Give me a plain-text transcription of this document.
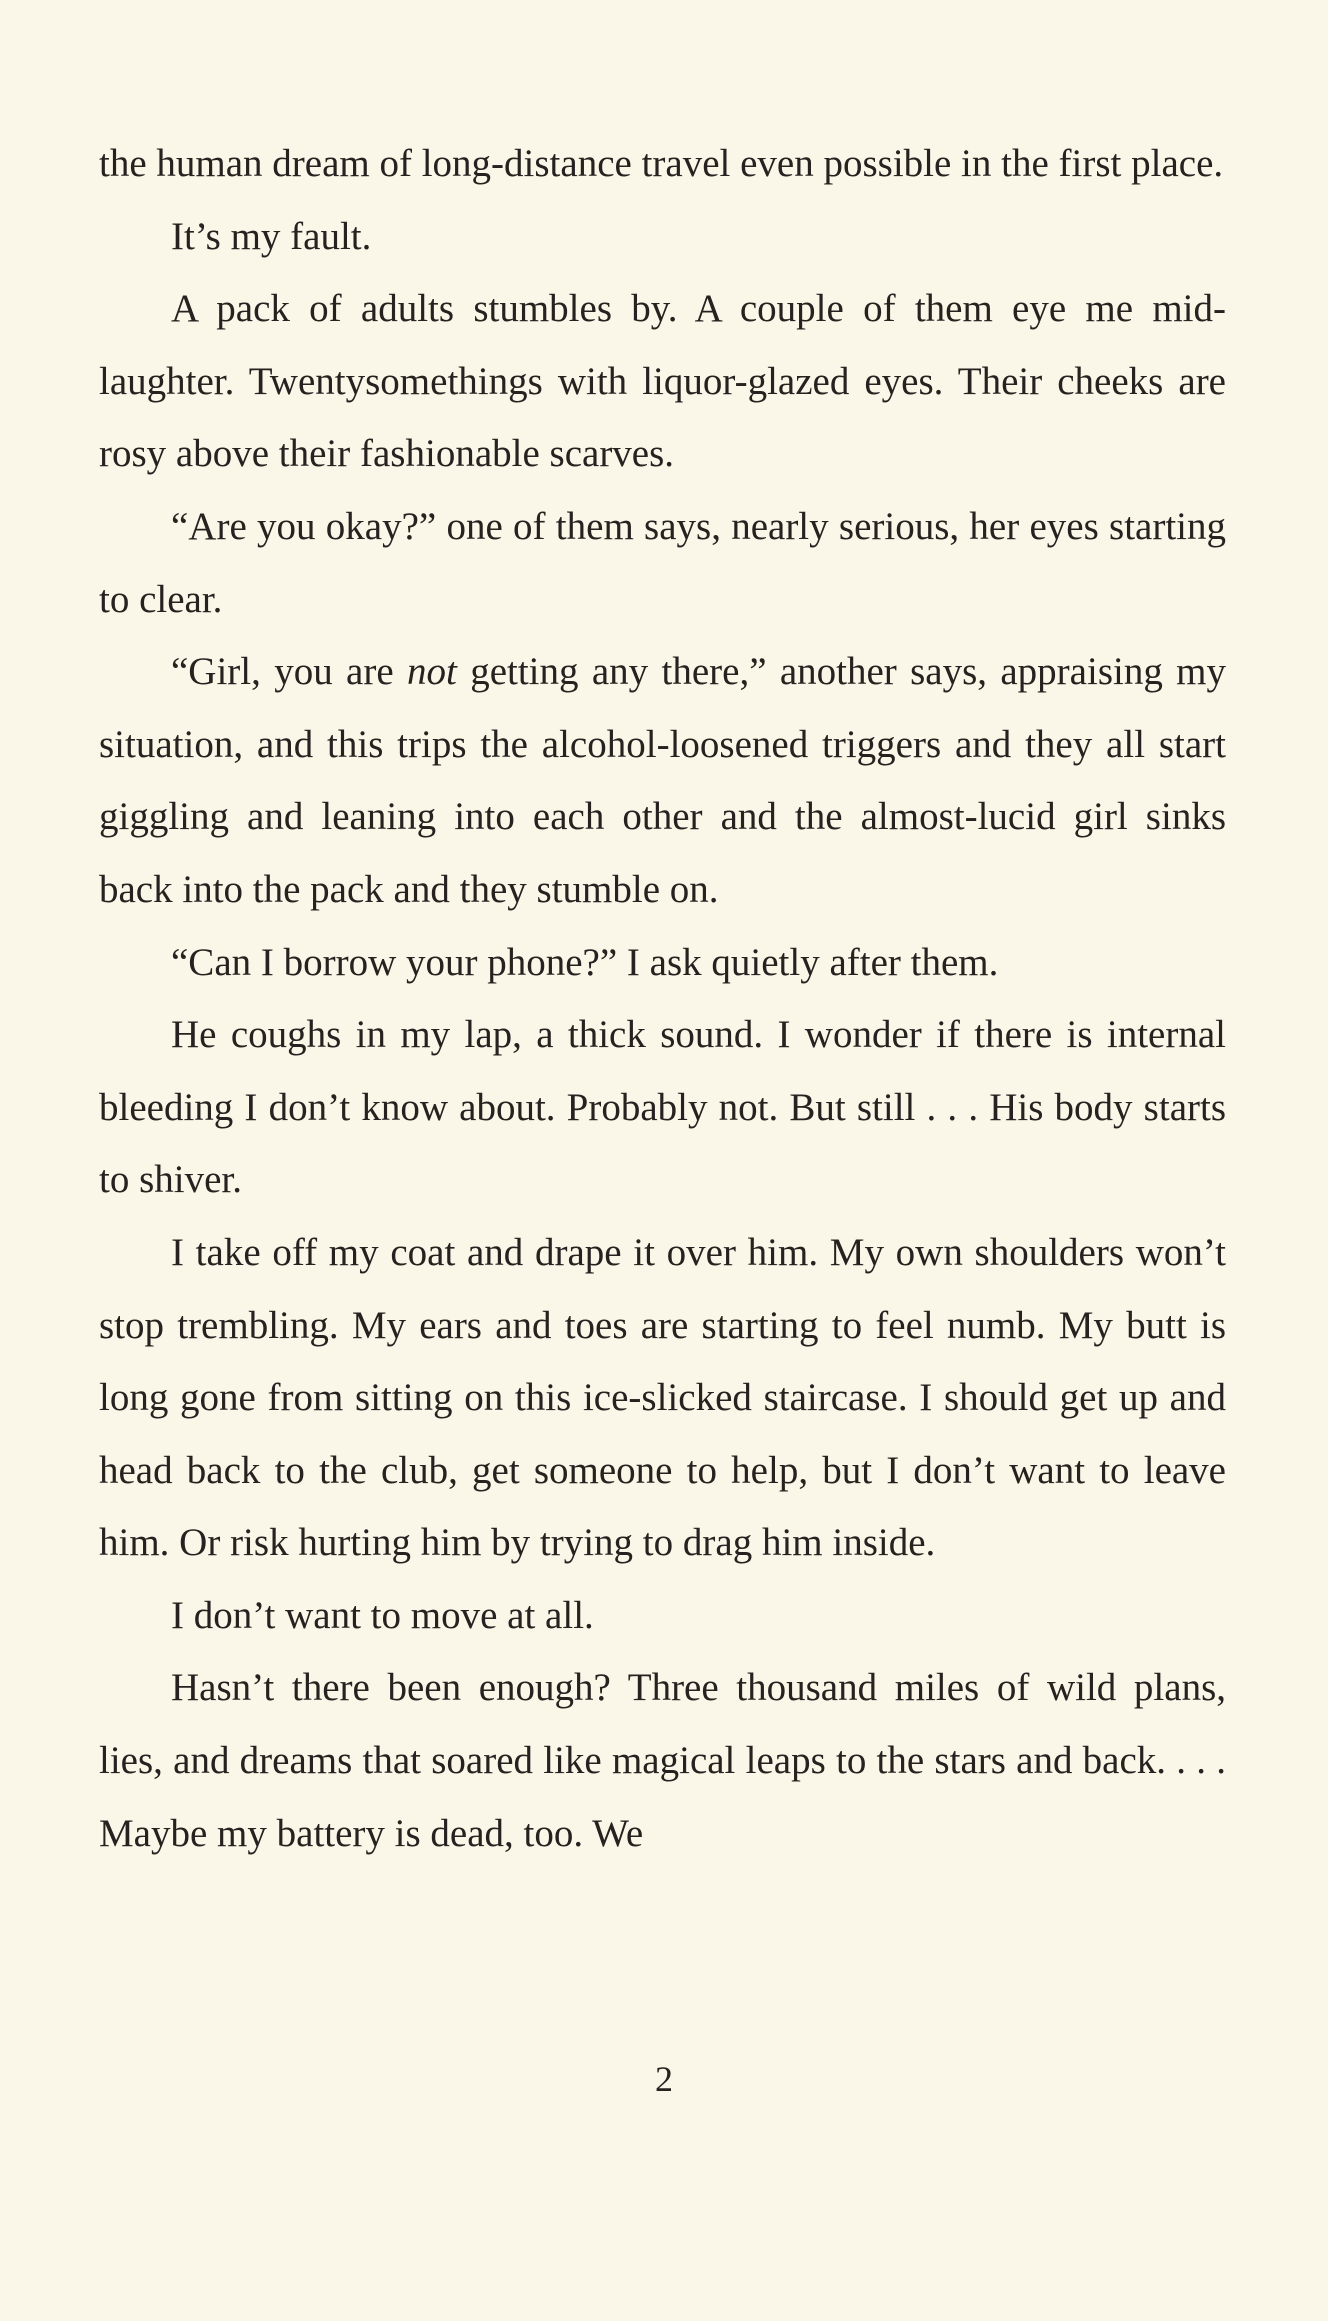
the human dream of long-distance travel even possible in the first place.

It’s my fault.

A pack of adults stumbles by. A couple of them eye me mid-laughter. Twentysomethings with liquor-glazed eyes. Their cheeks are rosy above their fashionable scarves.

“Are you okay?” one of them says, nearly serious, her eyes starting to clear.

“Girl, you are not getting any there,” another says, appraising my situation, and this trips the alcohol-loosened triggers and they all start giggling and leaning into each other and the almost-lucid girl sinks back into the pack and they stumble on.

“Can I borrow your phone?” I ask quietly after them.

He coughs in my lap, a thick sound. I wonder if there is internal bleeding I don’t know about. Probably not. But still . . . His body starts to shiver.

I take off my coat and drape it over him. My own shoulders won’t stop trembling. My ears and toes are starting to feel numb. My butt is long gone from sitting on this ice-slicked staircase. I should get up and head back to the club, get someone to help, but I don’t want to leave him. Or risk hurting him by trying to drag him inside.

I don’t want to move at all.

Hasn’t there been enough? Three thousand miles of wild plans, lies, and dreams that soared like magical leaps to the stars and back. . . . Maybe my battery is dead, too. We

2
